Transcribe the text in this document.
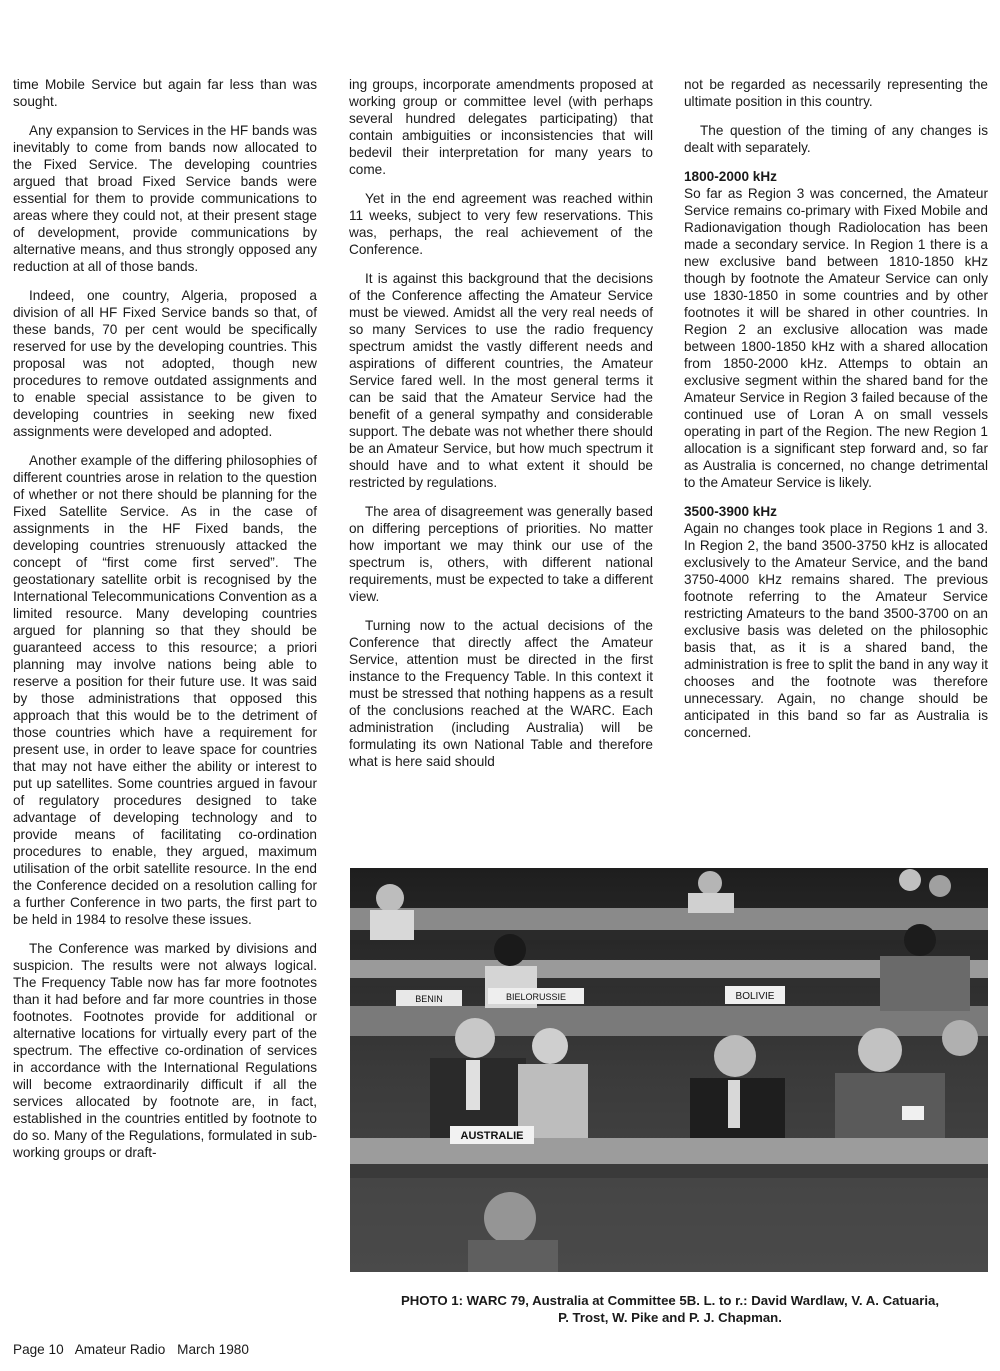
time Mobile Service but again far less than was sought.

Any expansion to Services in the HF bands was inevitably to come from bands now allocated to the Fixed Service. The developing countries argued that broad Fixed Service bands were essential for them to provide communications to areas where they could not, at their present stage of development, provide communications by alternative means, and thus strongly opposed any reduction at all of those bands.

Indeed, one country, Algeria, proposed a division of all HF Fixed Service bands so that, of these bands, 70 per cent would be specifically reserved for use by the developing countries. This proposal was not adopted, though new procedures to remove outdated assignments and to enable special assistance to be given to developing countries in seeking new fixed assignments were developed and adopted.

Another example of the differing philosophies of different countries arose in relation to the question of whether or not there should be planning for the Fixed Satellite Service. As in the case of assignments in the HF Fixed bands, the developing countries strenuously attacked the concept of “first come first served”. The geostationary satellite orbit is recognised by the International Telecommunications Convention as a limited resource. Many developing countries argued for planning so that they should be guaranteed access to this resource; a priori planning may involve nations being able to reserve a position for their future use. It was said by those administrations that opposed this approach that this would be to the detriment of those countries which have a requirement for present use, in order to leave space for countries that may not have either the ability or interest to put up satellites. Some countries argued in favour of regulatory procedures designed to take advantage of developing technology and to provide means of facilitating co-ordination procedures to enable, they argued, maximum utilisation of the orbit satellite resource. In the end the Conference decided on a resolution calling for a further Conference in two parts, the first part to be held in 1984 to resolve these issues.

The Conference was marked by divisions and suspicion. The results were not always logical. The Frequency Table now has far more footnotes than it had before and far more countries in those footnotes. Footnotes provide for additional or alternative locations for virtually every part of the spectrum. The effective co-ordination of services in accordance with the International Regulations will become extraordinarily difficult if all the services allocated by footnote are, in fact, established in the countries entitled by footnote to do so. Many of the Regulations, formulated in sub-working groups or draft-

ing groups, incorporate amendments proposed at working group or committee level (with perhaps several hundred delegates participating) that contain ambiguities or inconsistencies that will bedevil their interpretation for many years to come.

Yet in the end agreement was reached within 11 weeks, subject to very few reservations. This was, perhaps, the real achievement of the Conference.

It is against this background that the decisions of the Conference affecting the Amateur Service must be viewed. Amidst all the very real needs of so many Services to use the radio frequency spectrum amidst the vastly different needs and aspirations of different countries, the Amateur Service fared well. In the most general terms it can be said that the Amateur Service had the benefit of a general sympathy and considerable support. The debate was not whether there should be an Amateur Service, but how much spectrum it should have and to what extent it should be restricted by regulations.

The area of disagreement was generally based on differing perceptions of priorities. No matter how important we may think our use of the spectrum is, others, with different national requirements, must be expected to take a different view.

Turning now to the actual decisions of the Conference that directly affect the Amateur Service, attention must be directed in the first instance to the Frequency Table. In this context it must be stressed that nothing happens as a result of the conclusions reached at the WARC. Each administration (including Australia) will be formulating its own National Table and therefore what is here said should

not be regarded as necessarily representing the ultimate position in this country.

The question of the timing of any changes is dealt with separately.

1800-2000 kHz

So far as Region 3 was concerned, the Amateur Service remains co-primary with Fixed Mobile and Radionavigation though Radiolocation has been made a secondary service. In Region 1 there is a new exclusive band between 1810-1850 kHz though by footnote the Amateur Service can only use 1830-1850 in some countries and by other footnotes it will be shared in other countries. In Region 2 an exclusive allocation was made between 1800-1850 kHz with a shared allocation from 1850-2000 kHz. Attemps to obtain an exclusive segment within the shared band for the Amateur Service in Region 3 failed because of the continued use of Loran A on small vessels operating in part of the Region. The new Region 1 allocation is a significant step forward and, so far as Australia is concerned, no change detrimental to the Amateur Service is likely.

3500-3900 kHz

Again no changes took place in Regions 1 and 3. In Region 2, the band 3500-3750 kHz is allocated exclusively to the Amateur Service, and the band 3750-4000 kHz remains shared. The previous footnote referring to the Amateur Service restricting Amateurs to the band 3500-3700 on an exclusive basis was deleted on the philosophic basis that, as it is a shared band, the administration is free to split the band in any way it chooses and the footnote was therefore unnecessary. Again, no change should be anticipated in this band so far as Australia is concerned.

BENIN	BIELORUSSIE	BOLIVIE
AUSTRALIE
PHOTO 1: WARC 79, Australia at Committee 5B. L. to r.: David Wardlaw, V. A. Catuaria,
P. Trost, W. Pike and P. J. Chapman.
Page 10 Amateur Radio March 1980
